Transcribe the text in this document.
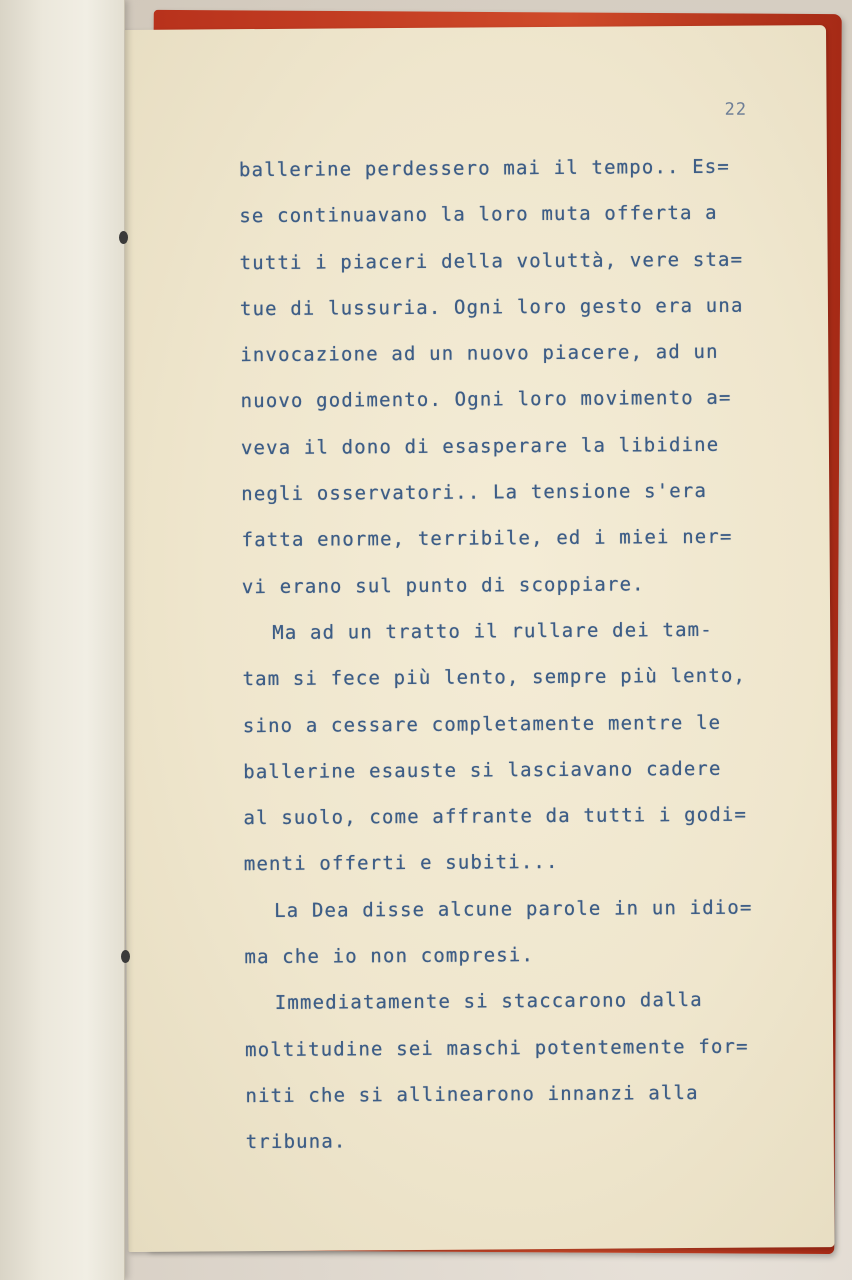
22
ballerine perdessero mai il tempo.. Es=
se continuavano la loro muta offerta a
tutti i piaceri della voluttà, vere sta=
tue di lussuria. Ogni loro gesto era una
invocazione ad un nuovo piacere, ad un
nuovo godimento. Ogni loro movimento a=
veva il dono di esasperare la libidine
negli osservatori.. La tensione s'era
fatta enorme, terribile, ed i miei ner=
vi erano sul punto di scoppiare.
Ma ad un tratto il rullare dei tam-
tam si fece più lento, sempre più lento,
sino a cessare completamente mentre le
ballerine esauste si lasciavano cadere
al suolo, come affrante da tutti i godi=
menti offerti e subiti...
La Dea disse alcune parole in un idio=
ma che io non compresi.
Immediatamente si staccarono dalla
moltitudine sei maschi potentemente for=
niti che si allinearono innanzi alla
tribuna.
